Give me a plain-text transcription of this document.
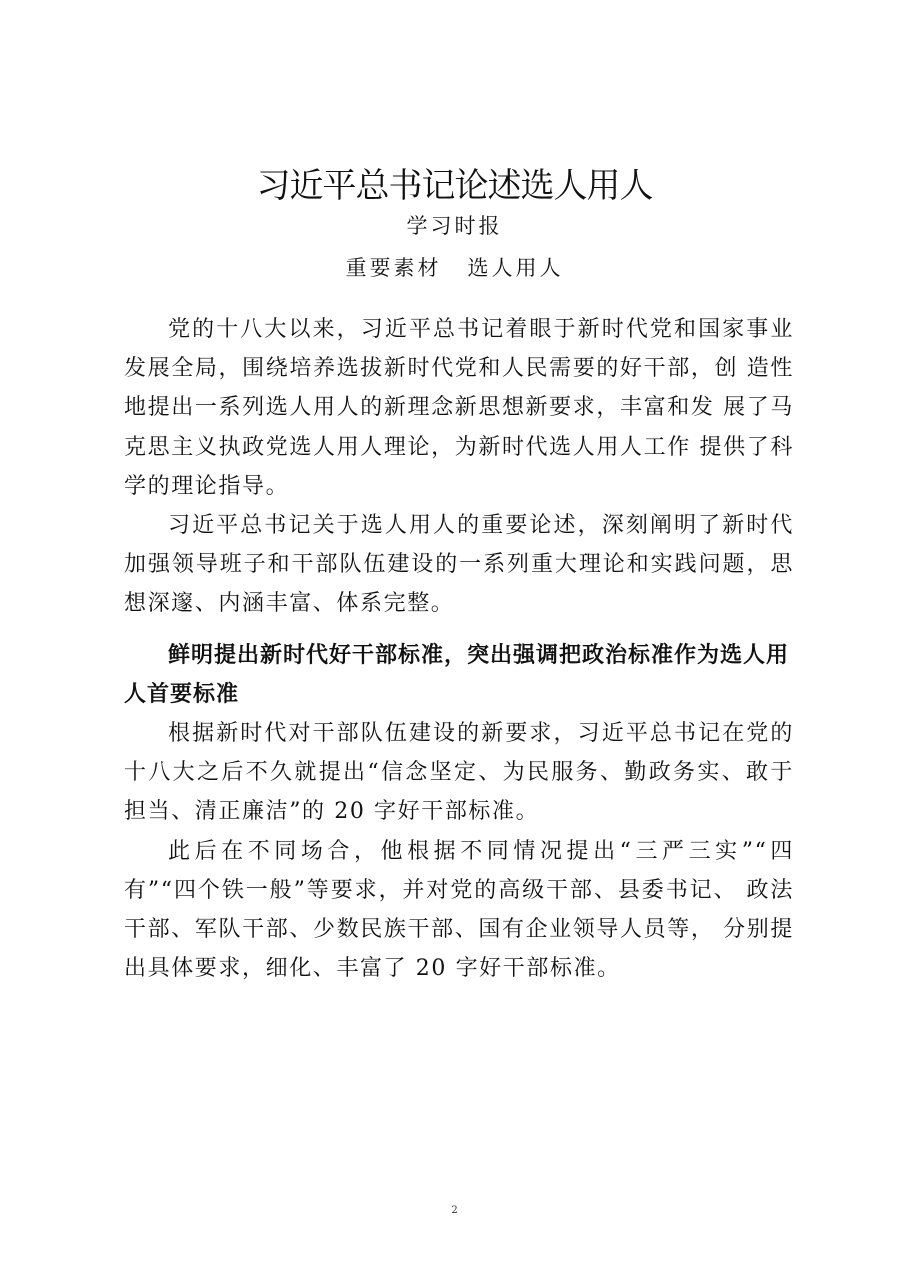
习近平总书记论述选人用人
学习时报
重要素材 选人用人

党的十八大以来，习近平总书记着眼于新时代党和国家事业发展全局，围绕培养选拔新时代党和人民需要的好干部，创 造性地提出一系列选人用人的新理念新思想新要求，丰富和发 展了马克思主义执政党选人用人理论，为新时代选人用人工作 提供了科学的理论指导。

习近平总书记关于选人用人的重要论述，深刻阐明了新时代加强领导班子和干部队伍建设的一系列重大理论和实践问题，思想深邃、内涵丰富、体系完整。

鲜明提出新时代好干部标准，突出强调把政治标准作为选人用人首要标准

根据新时代对干部队伍建设的新要求，习近平总书记在党的十八大之后不久就提出“信念坚定、为民服务、勤政务实、敢于担当、清正廉洁”的 20 字好干部标准。

此后在不同场合，他根据不同情况提出“三严三实”“四有”“四个铁一般”等要求，并对党的高级干部、县委书记、 政法干部、军队干部、少数民族干部、国有企业领导人员等， 分别提出具体要求，细化、丰富了 20 字好干部标准。

2
